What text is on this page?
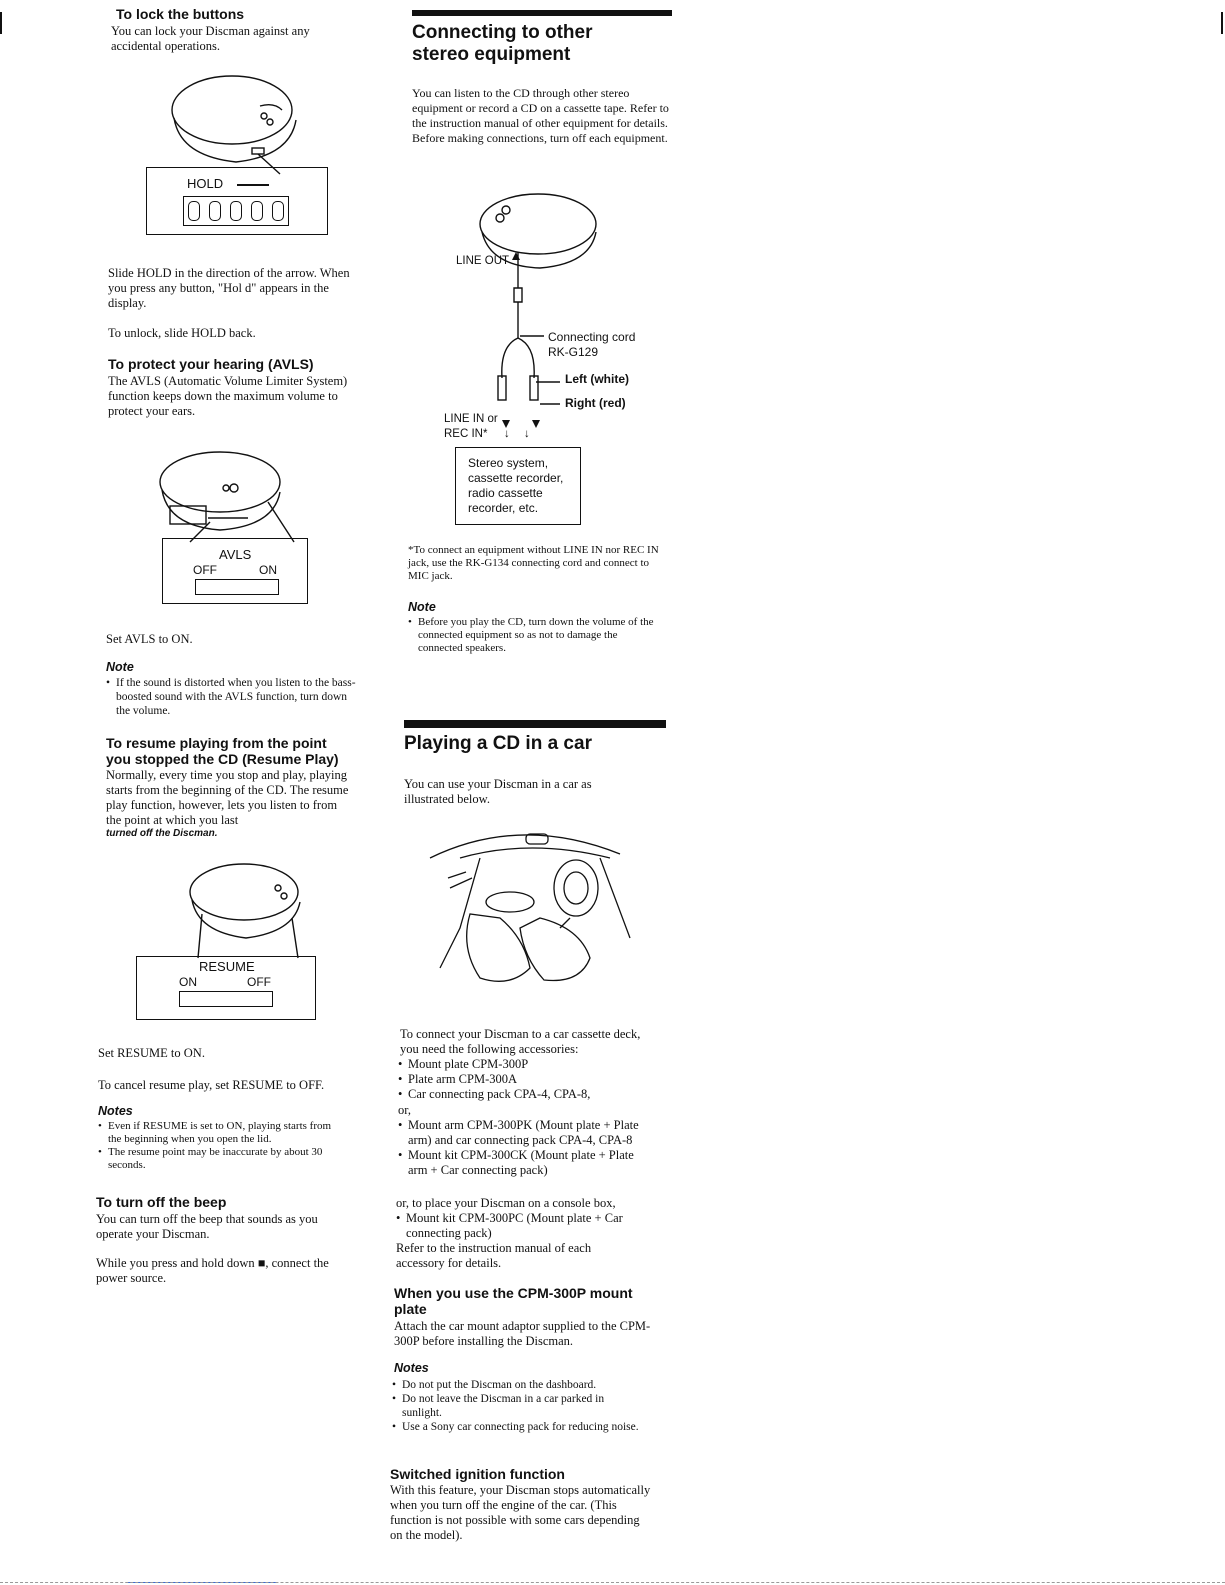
To lock the buttons
You can lock your Discman against any accidental operations.
HOLD
Slide HOLD in the direction of the arrow. When you press any button, "Hol d" appears in the display.
To unlock, slide HOLD back.
To protect your hearing (AVLS)
The AVLS (Automatic Volume Limiter System) function keeps down the maximum volume to protect your ears.
AVLS
OFF	ON
Set AVLS to ON.
Note
• If the sound is distorted when you listen to the bass-boosted sound with the AVLS function, turn down the volume.
To resume playing from the point
you stopped the CD (Resume Play)
Normally, every time you stop and play, playing starts from the beginning of the CD. The resume play function, however, lets you listen to from the point at which you last
turned off the Discman.
RESUME
ON	OFF
Set RESUME to ON.
To cancel resume play, set RESUME to OFF.
Notes
• Even if RESUME is set to ON, playing starts from the beginning when you open the lid.
• The resume point may be inaccurate by about 30 seconds.
To turn off the beep
You can turn off the beep that sounds as you operate your Discman.
While you press and hold down ■, connect the power source.
Connecting to other
stereo equipment
You can listen to the CD through other stereo equipment or record a CD on a cassette tape. Refer to the instruction manual of other equipment for details. Before making connections, turn off each equipment.
LINE OUT
Connecting cord
RK-G129
Left (white)
Right (red)
LINE IN or
REC IN* ↓ ↓
Stereo system,
cassette recorder,
radio cassette
recorder, etc.
*To connect an equipment without LINE IN nor REC IN jack, use the RK-G134 connecting cord and connect to MIC jack.
Note
• Before you play the CD, turn down the volume of the connected equipment so as not to damage the connected speakers.
Playing a CD in a car
You can use your Discman in a car as illustrated below.
To connect your Discman to a car cassette deck, you need the following accessories:
• Mount plate CPM-300P
• Plate arm CPM-300A
• Car connecting pack CPA-4, CPA-8,
or,
• Mount arm CPM-300PK (Mount plate + Plate arm) and car connecting pack CPA-4, CPA-8
• Mount kit CPM-300CK (Mount plate + Plate arm + Car connecting pack)
or, to place your Discman on a console box,
• Mount kit CPM-300PC (Mount plate + Car connecting pack)
Refer to the instruction manual of each accessory for details.
When you use the CPM-300P mount
plate
Attach the car mount adaptor supplied to the CPM-300P before installing the Discman.
Notes
• Do not put the Discman on the dashboard.
• Do not leave the Discman in a car parked in sunlight.
• Use a Sony car connecting pack for reducing noise.
Switched ignition function
With this feature, your Discman stops automatically when you turn off the engine of the car. (This function is not possible with some cars depending on the model).
